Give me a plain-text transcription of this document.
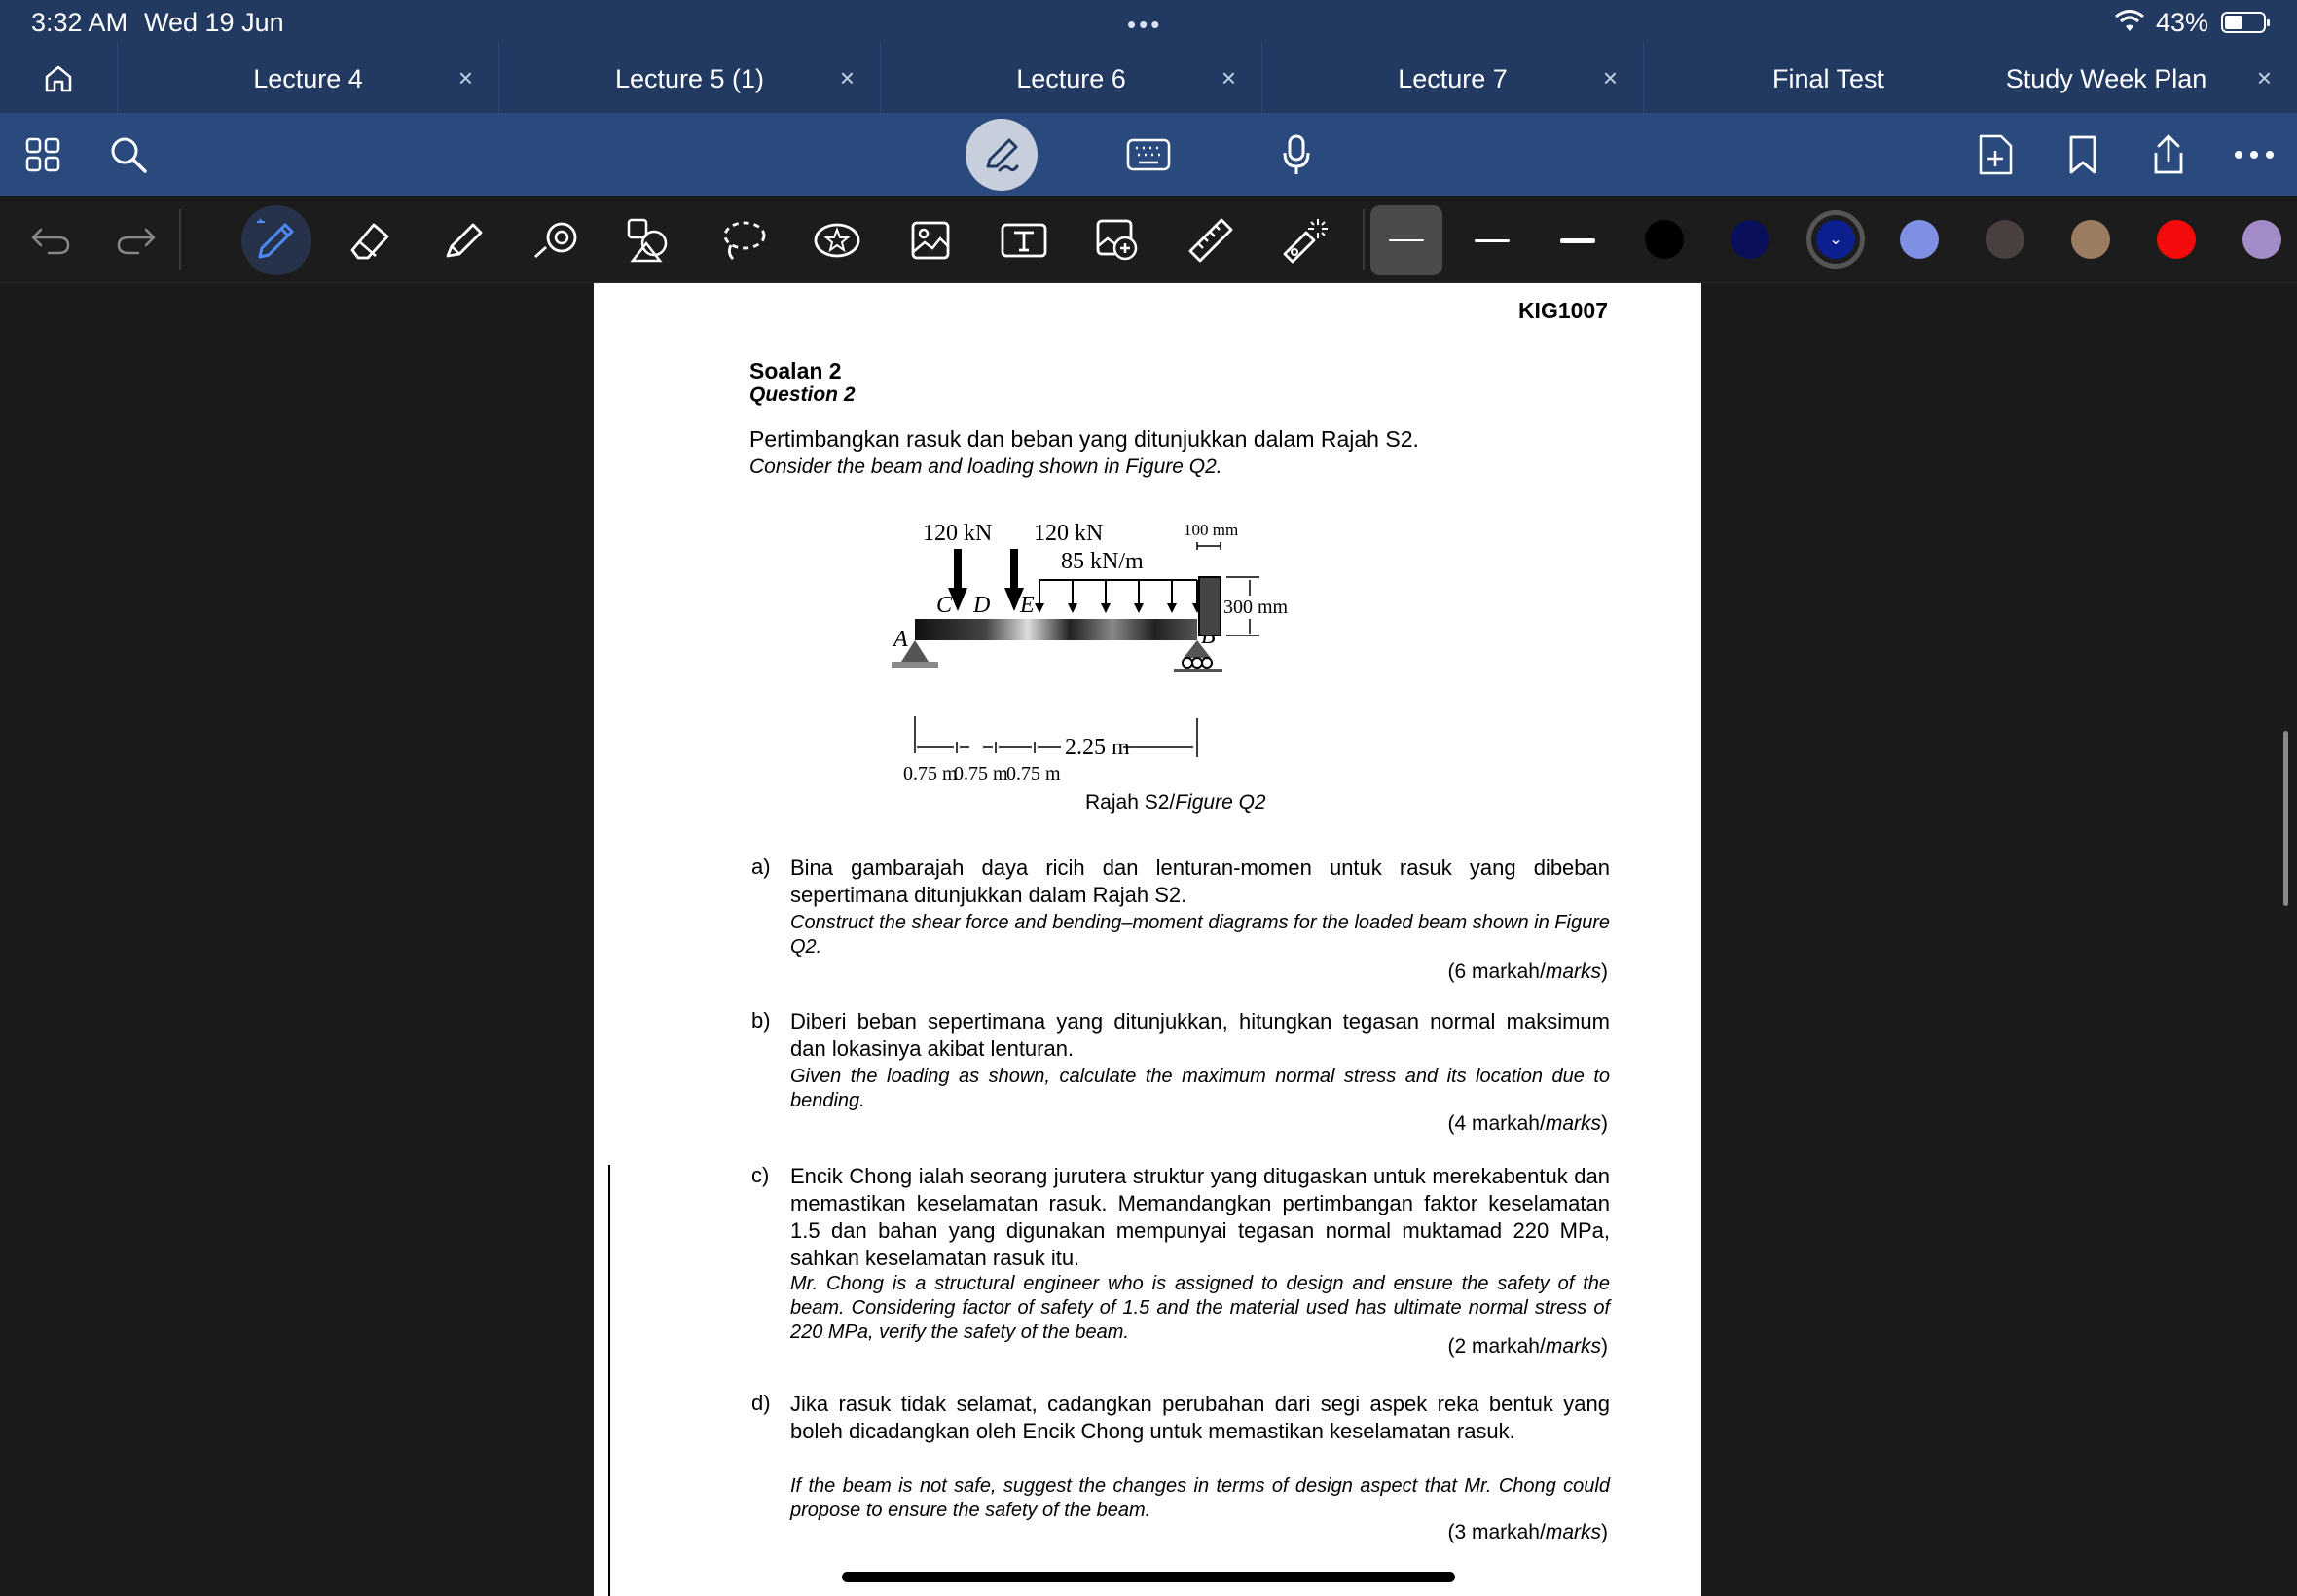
3:32 AM Wed 19 Jun	•••	43%
Lecture 4	×	Lecture 5 (1)	×	Lecture 6	×	Lecture 7	×	Final Test	Study Week Plan ×
⌄
KIG1007
Soalan 2
Question 2
Pertimbangkan rasuk dan beban yang ditunjukkan dalam Rajah S2.
Consider the beam and loading shown in Figure Q2.
120 kN 120 kN
85 kN/m
C D E
A
100 mm
300 mm
0.75 m
0.75 m
0.75 m
2.25 m
Rajah S2/Figure Q2
a) Bina gambarajah daya ricih dan lenturan-momen untuk rasuk yang dibeban sepertimana ditunjukkan dalam Rajah S2.
Construct the shear force and bending–moment diagrams for the loaded beam shown in Figure Q2.
(6 markah/marks)
b) Diberi beban sepertimana yang ditunjukkan, hitungkan tegasan normal maksimum dan lokasinya akibat lenturan.
Given the loading as shown, calculate the maximum normal stress and its location due to bending.
(4 markah/marks)
c) Encik Chong ialah seorang jurutera struktur yang ditugaskan untuk merekabentuk dan memastikan keselamatan rasuk. Memandangkan pertimbangan faktor keselamatan 1.5 dan bahan yang digunakan mempunyai tegasan normal muktamad 220 MPa, sahkan keselamatan rasuk itu.
Mr. Chong is a structural engineer who is assigned to design and ensure the safety of the beam. Considering factor of safety of 1.5 and the material used has ultimate normal stress of 220 MPa, verify the safety of the beam.
(2 markah/marks)
d) Jika rasuk tidak selamat, cadangkan perubahan dari segi aspek reka bentuk yang boleh dicadangkan oleh Encik Chong untuk memastikan keselamatan rasuk.
If the beam is not safe, suggest the changes in terms of design aspect that Mr. Chong could propose to ensure the safety of the beam.
(3 markah/marks)
